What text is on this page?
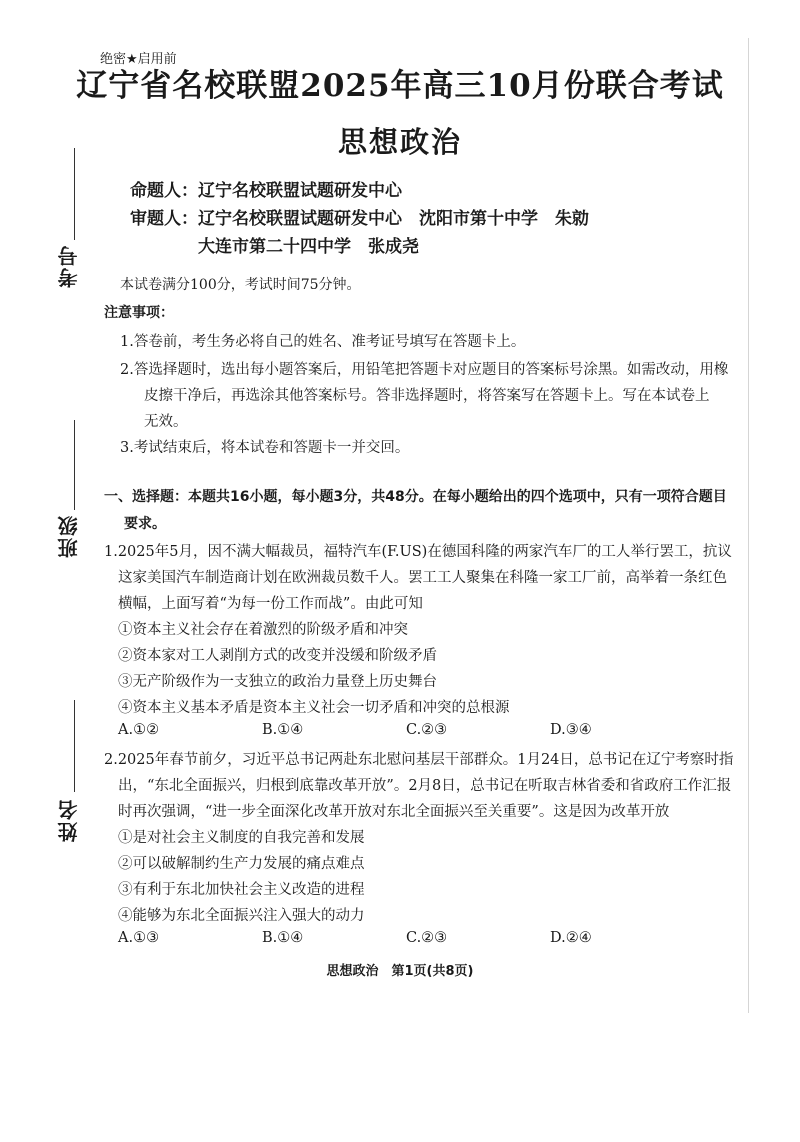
考号
班级
姓名
绝密★启用前
辽宁省名校联盟2025年高三10月份联合考试
思想政治
命题人：辽宁名校联盟试题研发中心
审题人：辽宁名校联盟试题研发中心　沈阳市第十中学　朱勍
大连市第二十四中学　张成尧
本试卷满分100分，考试时间75分钟。
注意事项：
1.答卷前，考生务必将自己的姓名、准考证号填写在答题卡上。
2.答选择题时，选出每小题答案后，用铅笔把答题卡对应题目的答案标号涂黑。如需改动，用橡
皮擦干净后，再选涂其他答案标号。答非选择题时，将答案写在答题卡上。写在本试卷上
无效。
3.考试结束后，将本试卷和答题卡一并交回。
一、选择题：本题共16小题，每小题3分，共48分。在每小题给出的四个选项中，只有一项符合题目
要求。
1.2025年5月，因不满大幅裁员，福特汽车(F.US)在德国科隆的两家汽车厂的工人举行罢工，抗议
这家美国汽车制造商计划在欧洲裁员数千人。罢工工人聚集在科隆一家工厂前，高举着一条红色
横幅，上面写着“为每一份工作而战”。由此可知
①资本主义社会存在着激烈的阶级矛盾和冲突
②资本家对工人剥削方式的改变并没缓和阶级矛盾
③无产阶级作为一支独立的政治力量登上历史舞台
④资本主义基本矛盾是资本主义社会一切矛盾和冲突的总根源
A.①②	B.①④	C.②③	D.③④
2.2025年春节前夕，习近平总书记两赴东北慰问基层干部群众。1月24日，总书记在辽宁考察时指
出，“东北全面振兴，归根到底靠改革开放”。2月8日，总书记在听取吉林省委和省政府工作汇报
时再次强调，“进一步全面深化改革开放对东北全面振兴至关重要”。这是因为改革开放
①是对社会主义制度的自我完善和发展
②可以破解制约生产力发展的痛点难点
③有利于东北加快社会主义改造的进程
④能够为东北全面振兴注入强大的动力
A.①③	B.①④	C.②③	D.②④
思想政治　第1页(共8页)
